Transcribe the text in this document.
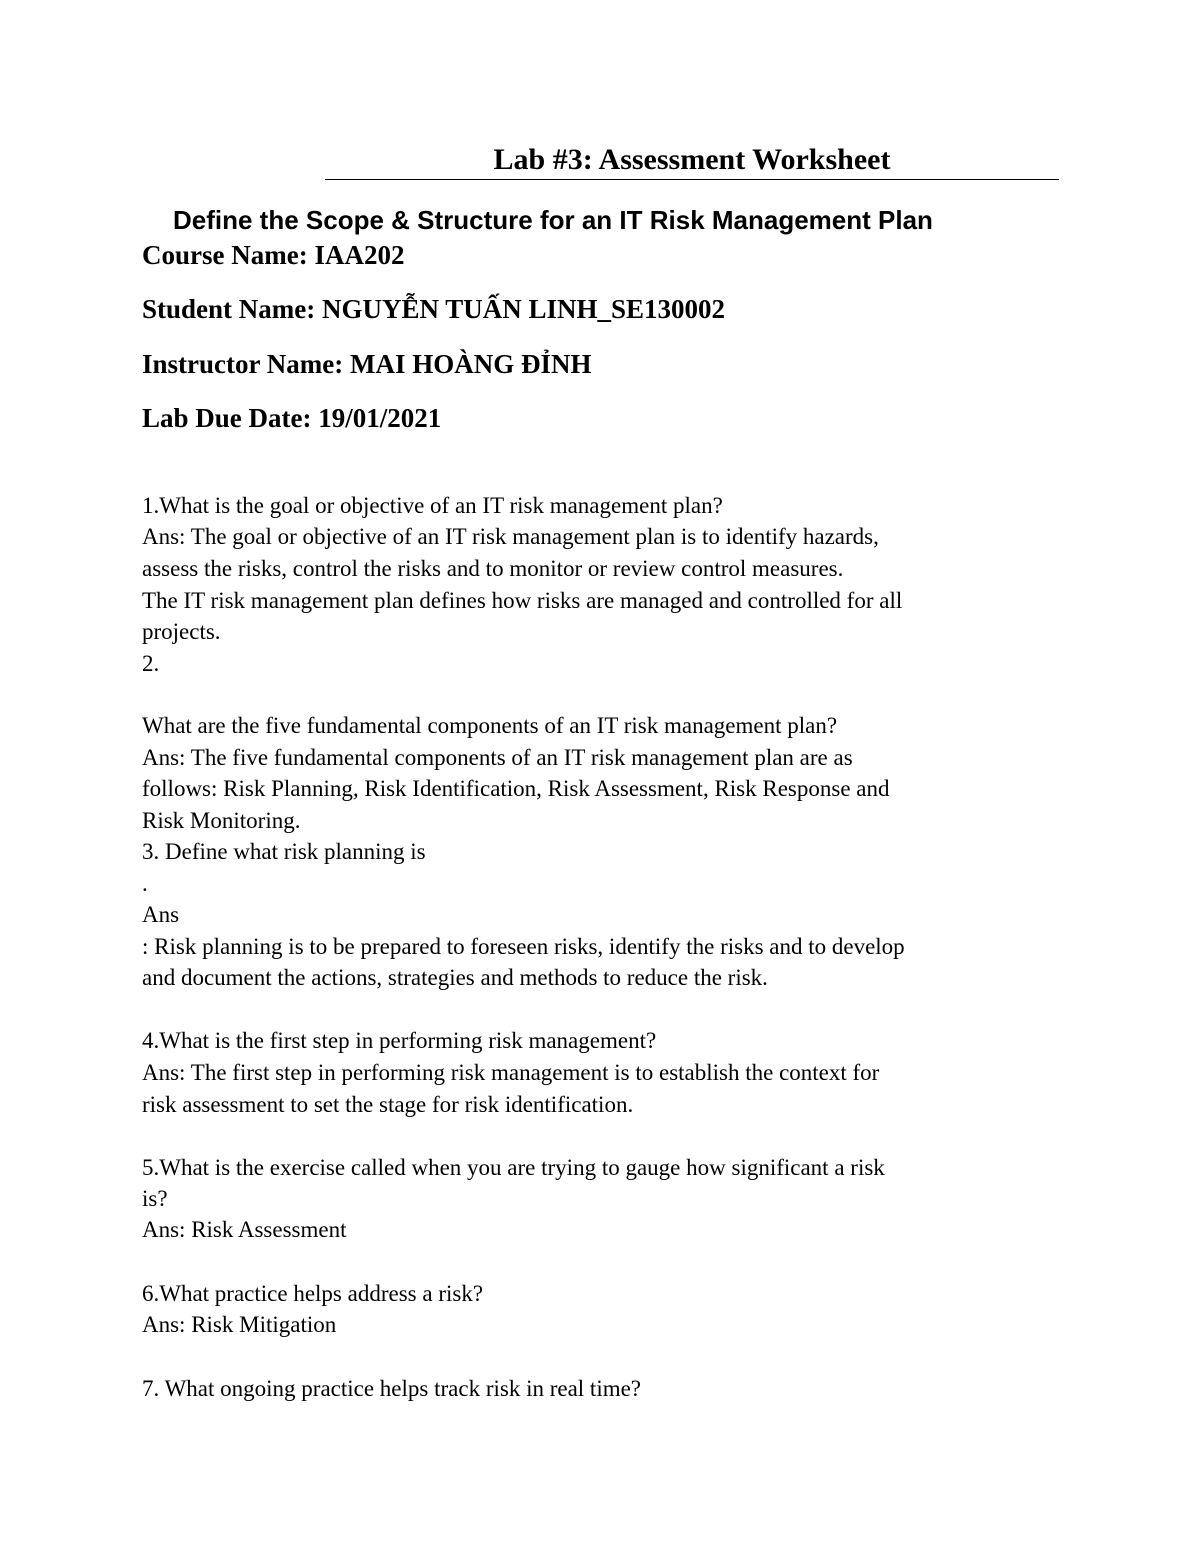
Lab #3: Assessment Worksheet
Define the Scope & Structure for an IT Risk Management Plan
Course Name: IAA202
Student Name: NGUYỄN TUẤN LINH_SE130002
Instructor Name: MAI HOÀNG ĐỈNH
Lab Due Date: 19/01/2021
1.What is the goal or objective of an IT risk management plan?
Ans: The goal or objective of an IT risk management plan is to identify hazards,
assess the risks, control the risks and to monitor or review control measures.
The IT risk management plan defines how risks are managed and controlled for all
projects.
2.
What are the five fundamental components of an IT risk management plan?
Ans: The five fundamental components of an IT risk management plan are as
follows: Risk Planning, Risk Identification, Risk Assessment, Risk Response and
Risk Monitoring.
3. Define what risk planning is
.
Ans
: Risk planning is to be prepared to foreseen risks, identify the risks and to develop
and document the actions, strategies and methods to reduce the risk.
4.What is the first step in performing risk management?
Ans: The first step in performing risk management is to establish the context for
risk assessment to set the stage for risk identification.
5.What is the exercise called when you are trying to gauge how significant a risk
is?
Ans: Risk Assessment
6.What practice helps address a risk?
Ans: Risk Mitigation
7. What ongoing practice helps track risk in real time?
